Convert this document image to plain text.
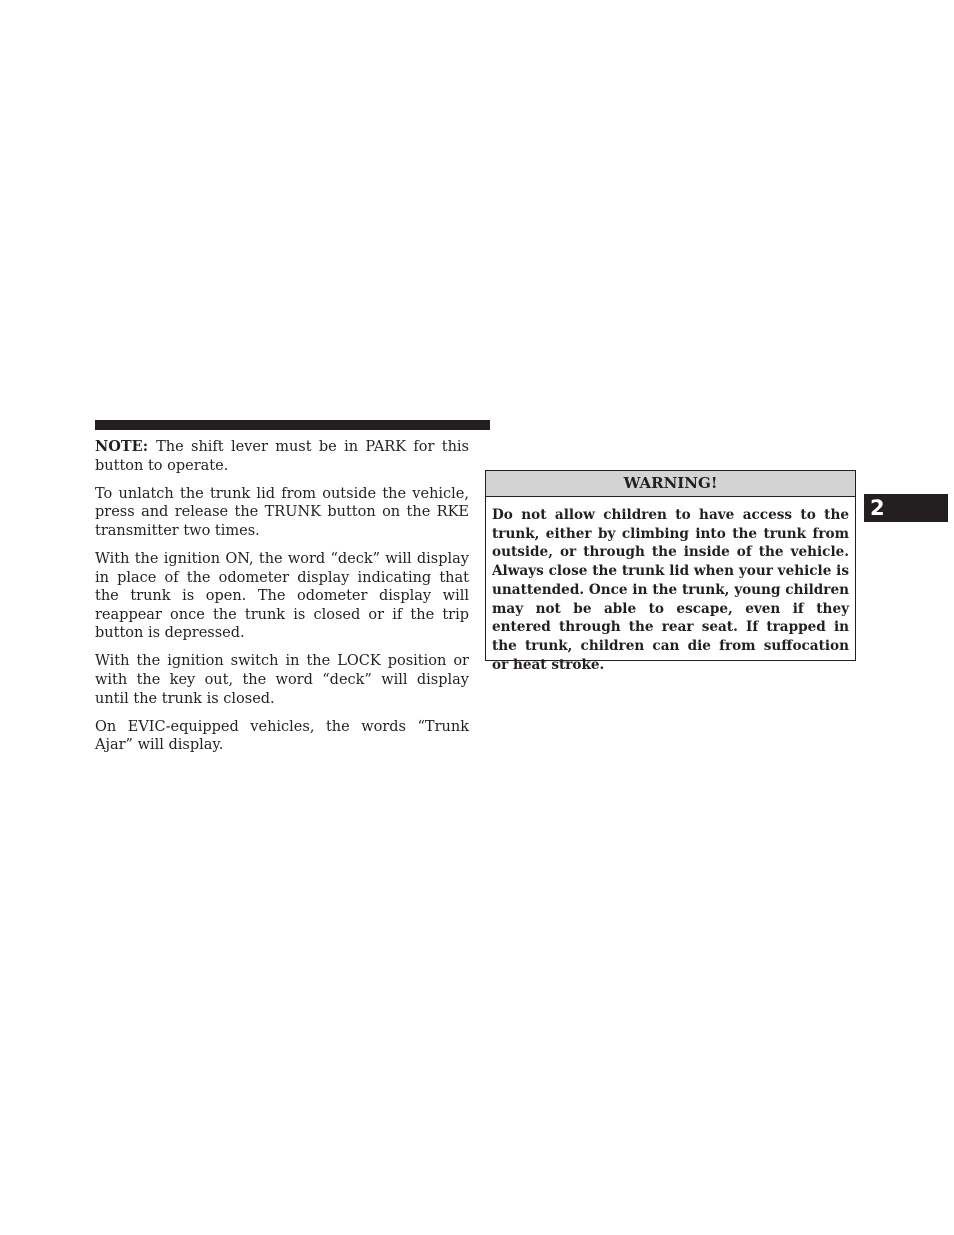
NOTE: The shift lever must be in PARK for this button to operate.

To unlatch the trunk lid from outside the vehicle, press and release the TRUNK button on the RKE transmitter two times.

With the ignition ON, the word “deck” will display in place of the odometer display indicating that the trunk is open. The odometer display will reappear once the trunk is closed or if the trip button is depressed.

With the ignition switch in the LOCK position or with the key out, the word “deck” will display until the trunk is closed.

On EVIC-equipped vehicles, the words “Trunk Ajar” will display.

WARNING!
Do not allow children to have access to the trunk, either by climbing into the trunk from outside, or through the inside of the vehicle. Always close the trunk lid when your vehicle is unattended. Once in the trunk, young children may not be able to escape, even if they entered through the rear seat. If trapped in the trunk, children can die from suffocation or heat stroke.
2
